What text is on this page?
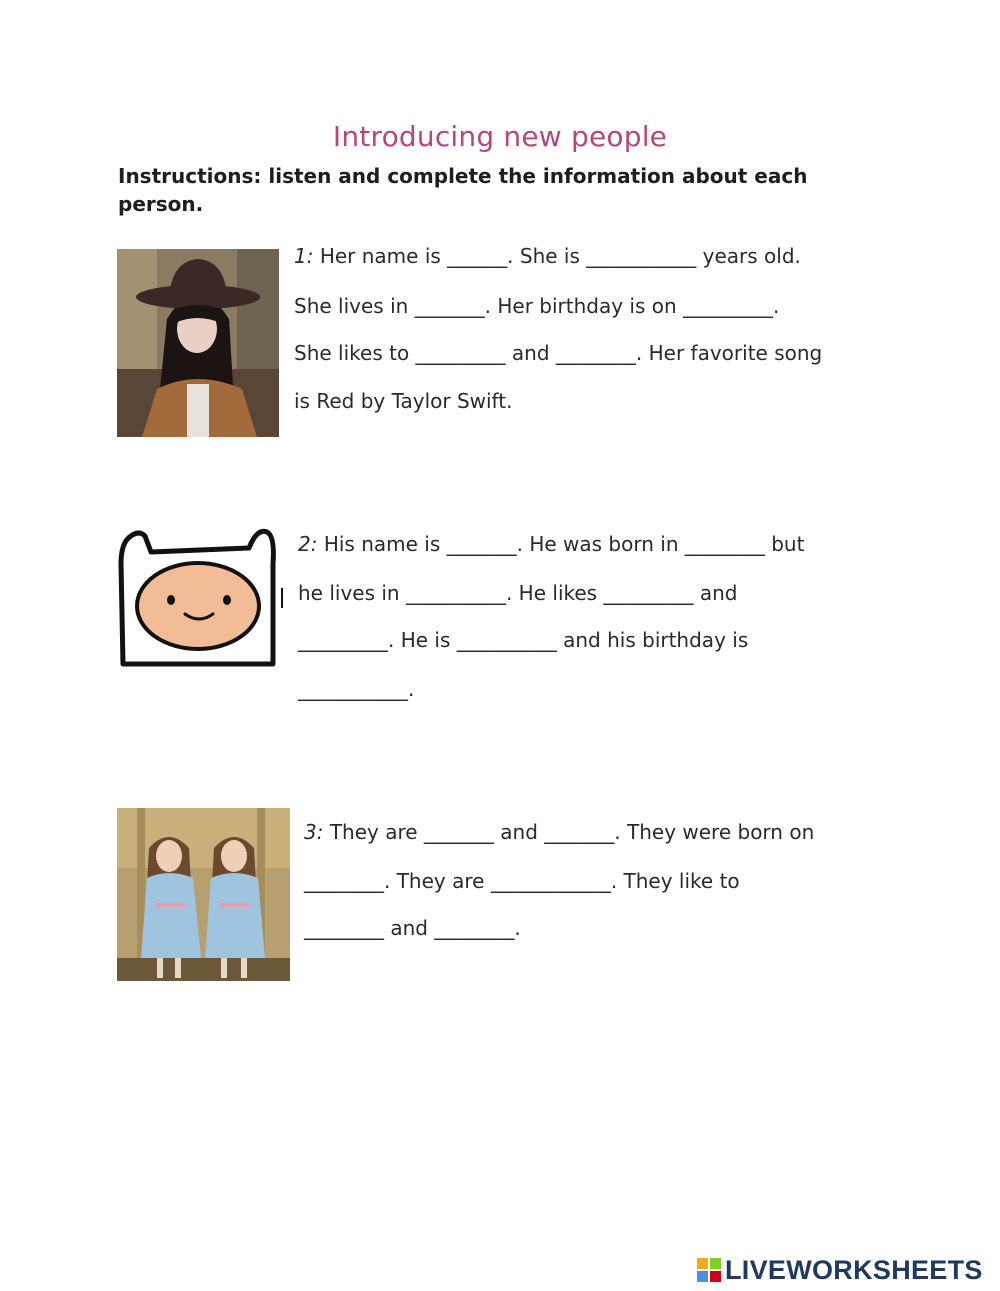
Introducing new people
Instructions: listen and complete the information about each person.
1: Her name is ______. She is ___________ years old.
She lives in _______. Her birthday is on _________.
She likes to _________ and ________. Her favorite song
is Red by Taylor Swift.
2: His name is _______. He was born in ________ but
he lives in __________. He likes _________ and
_________. He is __________ and his birthday is
___________.
3: They are _______ and _______. They were born on
________. They are ____________. They like to
________ and ________.
LIVEWORKSHEETS
